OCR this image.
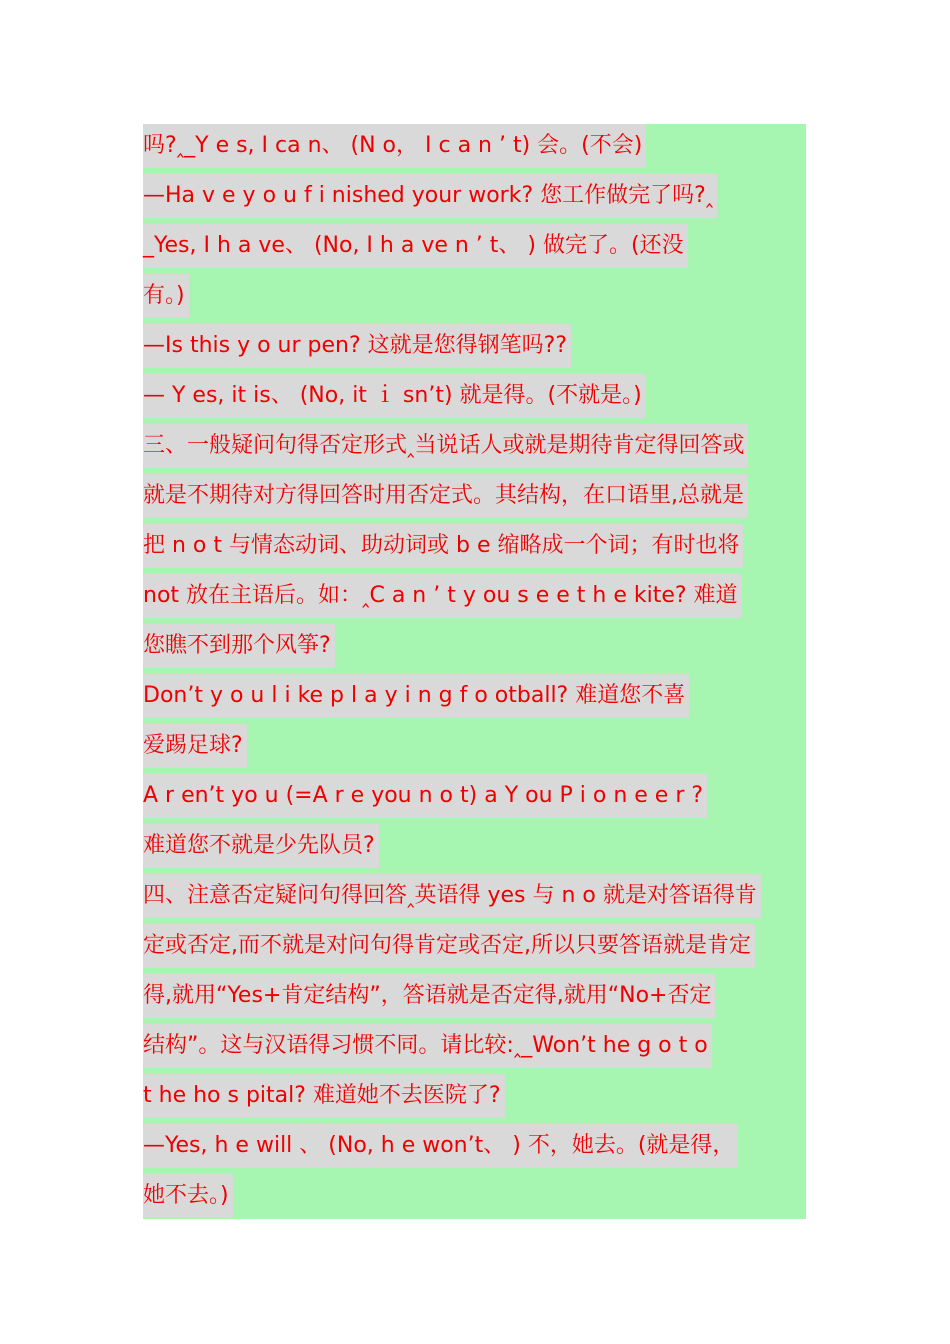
吗?‸_Y e s, I ca n、 (N o， I c a n ’ t) 会。(不会)
—Ha v e y o u f i nished your work? 您工作做完了吗?‸
_Yes, I h a ve、 (No, I h a ve n ’ t、 ) 做完了。(还没
有。)
—Is this y o ur pen? 这就是您得钢笔吗??
— Y es, it is、 (No, it ｉ sn’t) 就是得。(不就是。)
三、一般疑问句得否定形式‸当说话人或就是期待肯定得回答或
就是不期待对方得回答时用否定式。其结构，在口语里,总就是
把 n o t 与情态动词、助动词或 b e 缩略成一个词；有时也将
not 放在主语后。如：‸C a n ’ t y ou s e e t h e kite? 难道
您瞧不到那个风筝?
Don’t y o u l i ke p l a y i n g f o otball? 难道您不喜
爱踢足球?
A r en’t yo u (=A r e you n o t) a Y ou P i o n e e r ?
难道您不就是少先队员?
四、注意否定疑问句得回答‸英语得 yes 与 n o 就是对答语得肯
定或否定,而不就是对问句得肯定或否定,所以只要答语就是肯定
得,就用“Yes+肯定结构”，答语就是否定得,就用“No+否定
结构”。这与汉语得习惯不同。请比较:‸_Won’t he g o t o
t he ho s pital? 难道她不去医院了?
—Yes, h e will 、 (No, h e won’t、 ) 不，她去。(就是得，
她不去。)
